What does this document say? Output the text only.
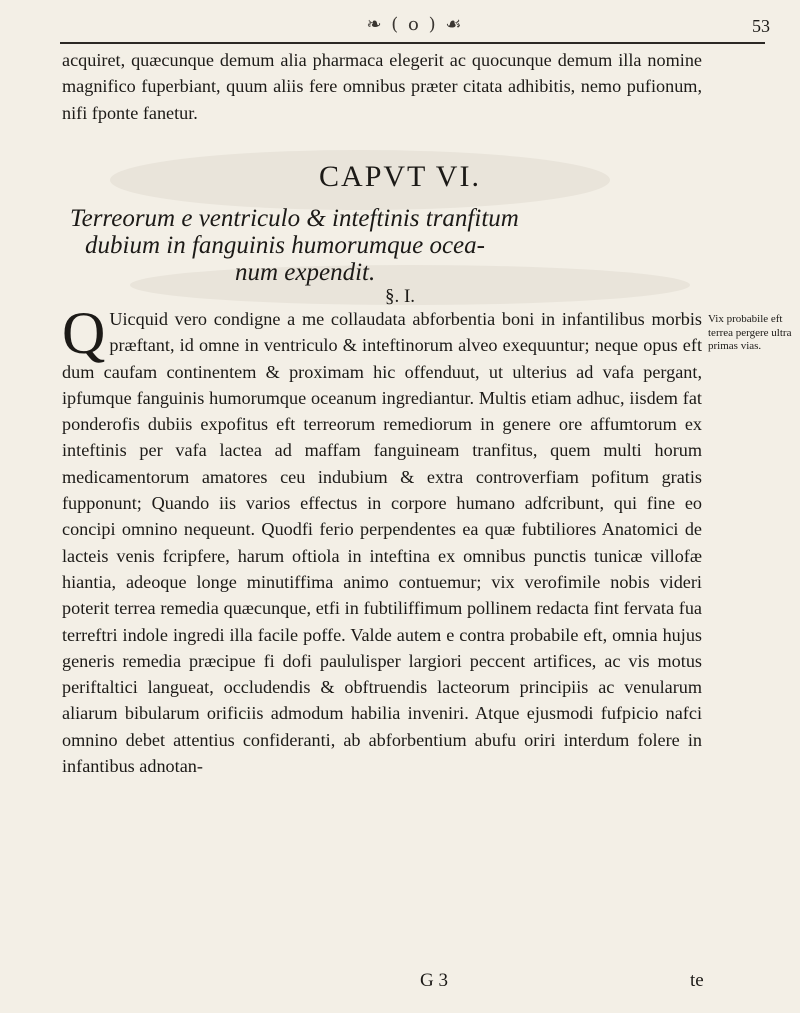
❧ ( o ) ☙	53
acquiret, quæcunque demum alia pharmaca elegerit ac quocunque demum illa nomine magnifico fuperbiant, quum aliis fere omnibus præter citata adhibitis, nemo pufionum, nifi fponte fanetur.
CAPVT VI.
Terreorum e ventriculo & inteftinis tranfitum
dubium in fanguinis humorumque ocea-
num expendit.
§. I.
Q Uicquid vero condigne a me collaudata abforbentia boni in infantilibus morbis præftant, id omne in ventriculo & inteftinorum alveo exequuntur; neque opus eft dum caufam continentem & proximam hic offenduut, ut ulterius ad vafa pergant, ipfumque fanguinis humorumque oceanum ingrediantur. Multis etiam adhuc, iisdem fat ponderofis dubiis expofitus eft terreorum remediorum in genere ore affumtorum ex inteftinis per vafa lactea ad maffam fanguineam tranfitus, quem multi horum medicamentorum amatores ceu indubium & extra controverfiam pofitum gratis fupponunt; Quando iis varios effectus in corpore humano adfcribunt, qui fine eo concipi omnino nequeunt. Quodfi ferio perpendentes ea quæ fubtiliores Anatomici de lacteis venis fcripfere, harum oftiola in inteftina ex omnibus punctis tunicæ villofæ hiantia, adeoque longe minutiffima animo contuemur; vix verofimile nobis videri poterit terrea remedia quæcunque, etfi in fubtiliffimum pollinem redacta fint fervata fua terreftri indole ingredi illa facile poffe. Valde autem e contra probabile eft, omnia hujus generis remedia præcipue fi dofi paululisper largiori peccent artifices, ac vis motus periftaltici langueat, occludendis & obftruendis lacteorum principiis ac venularum aliarum bibularum orificiis admodum habilia inveniri. Atque ejusmodi fufpicio nafci omnino debet attentius confideranti, ab abforbentium abufu oriri interdum folere in infantibus adnotan-
Vix probabile eft terrea pergere ultra primas vias.
G 3	te
